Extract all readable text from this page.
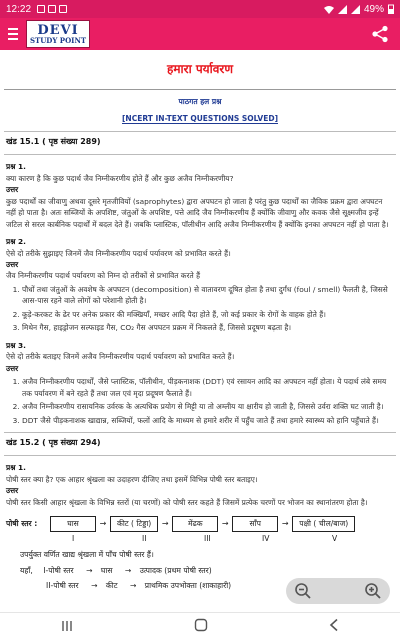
12:22	49%
DEVI
STUDY POINT
हमारा पर्यावरण
पाठगत हल प्रश्न
[NCERT IN-TEXT QUESTIONS SOLVED]
खंड 15.1 ( पृष्ठ संख्या 289)
प्रश्न 1.
क्या कारण है कि कुछ पदार्थ जैव निम्नीकरणीय होते हैं और कुछ अजैव निम्नीकरणीय?
उत्तर
कुछ पदार्थों का जीवाणु अथवा दूसरे मृतजीवियों (saprophytes) द्वारा अपघटन हो जाता है परंतु कुछ पदार्थों का जैविक प्रक्रम द्वारा अपघटन नहीं हो पाता है। अतः सब्जियों के अपशिष्ट, जंतुओं के अपशिष्ट, पत्ते आदि जैव निम्नीकरणीय हैं क्योंकि जीवाणु और कवक जैसे सूक्ष्मजीव इन्हें जटिल से सरल कार्बनिक पदार्थों में बदल देते हैं। जबकि प्लास्टिक, पॉलीथीन आदि अजैव निम्नीकरणीय हैं क्योंकि इनका अपघटन नहीं हो पाता है।
प्रश्न 2.
ऐसे दो तरीके सुझाइए जिनमें जैव निम्नीकरणीय पदार्थ पर्यावरण को प्रभावित करते हैं।
उत्तर
जैव निम्नीकरणीय पदार्थ पर्यावरण को निम्न दो तरीकों से प्रभावित करते हैं
1. पौधों तथा जंतुओं के अवशेष के अपघटन (decomposition) से वातावरण दूषित होता है तथा दुर्गंध (foul / smell) फैलती है, जिससे आस-पास रहने वाले लोगों को परेशानी होती है।
2. कूड़े-करकट के ढेर पर अनेक प्रकार की मक्खियाँ, मच्छर आदि पैदा होते हैं, जो कई प्रकार के रोगों के वाहक होते हैं।
3. मिथेन गैस, हाइड्रोजन सल्फाइड गैस, CO₂ गैस अपघटन प्रक्रम में निकलते हैं, जिससे प्रदूषण बढ़ता है।
प्रश्न 3.
ऐसे दो तरीके बताइए जिनमें अजैव निम्नीकरणीय पदार्थ पर्यावरण को प्रभावित करते हैं।
उत्तर
1. अजैव निम्नीकरणीय पदार्थों, जैसे प्लास्टिक, पॉलीथीन, पीड़कनाशक (DDT) एवं रसायन आदि का अपघटन नहीं होता। ये पदार्थ लंबे समय तक पर्यावरण में बने रहते हैं तथा जल एवं मृदा प्रदूषण फैलाते हैं।
2. अजैव निम्नीकरणीय रासायनिक उर्वरक के अत्यधिक प्रयोग से मिट्टी या तो अम्लीय या क्षारीय हो जाती है, जिससे उर्वरा शक्ति घट जाती है।
3. DDT जैसे पीड़कनाशक खाद्यान्न, सब्जियों, फलों आदि के माध्यम से हमारे शरीर में पहुँच जाते हैं तथा हमारे स्वास्थ्य को हानि पहुँचाते हैं।
खंड 15.2 ( पृष्ठ संख्या 294)
प्रश्न 1.
पोषी स्तर क्या है? एक आहार श्रृंखला का उदाहरण दीजिए तथा इसमें विभिन्न पोषी स्तर बताइए।
उत्तर
पोषी स्तर किसी आहार श्रृंखला के विभिन्न स्तरों (या चरणों) को पोषी स्तर कहते हैं जिसमें प्रत्येक चरणों पर भोजन का स्थानांतरण होता है।
पोषी स्तर :	घास	→	कीट ( टिड्डा)	→	मेंढक	→	साँप	→	पक्षी ( चील/बाज)
I	II	III	IV	V
उपर्युक्त वर्णित खाद्य श्रृंखला में पाँच पोषी स्तर हैं।
यहाँ, I-पोषी स्तर → घास → उत्पादक (प्रथम पोषी स्तर)
II-पोषी स्तर → कीट → प्राथमिक उपभोक्ता (शाकाहारी)
